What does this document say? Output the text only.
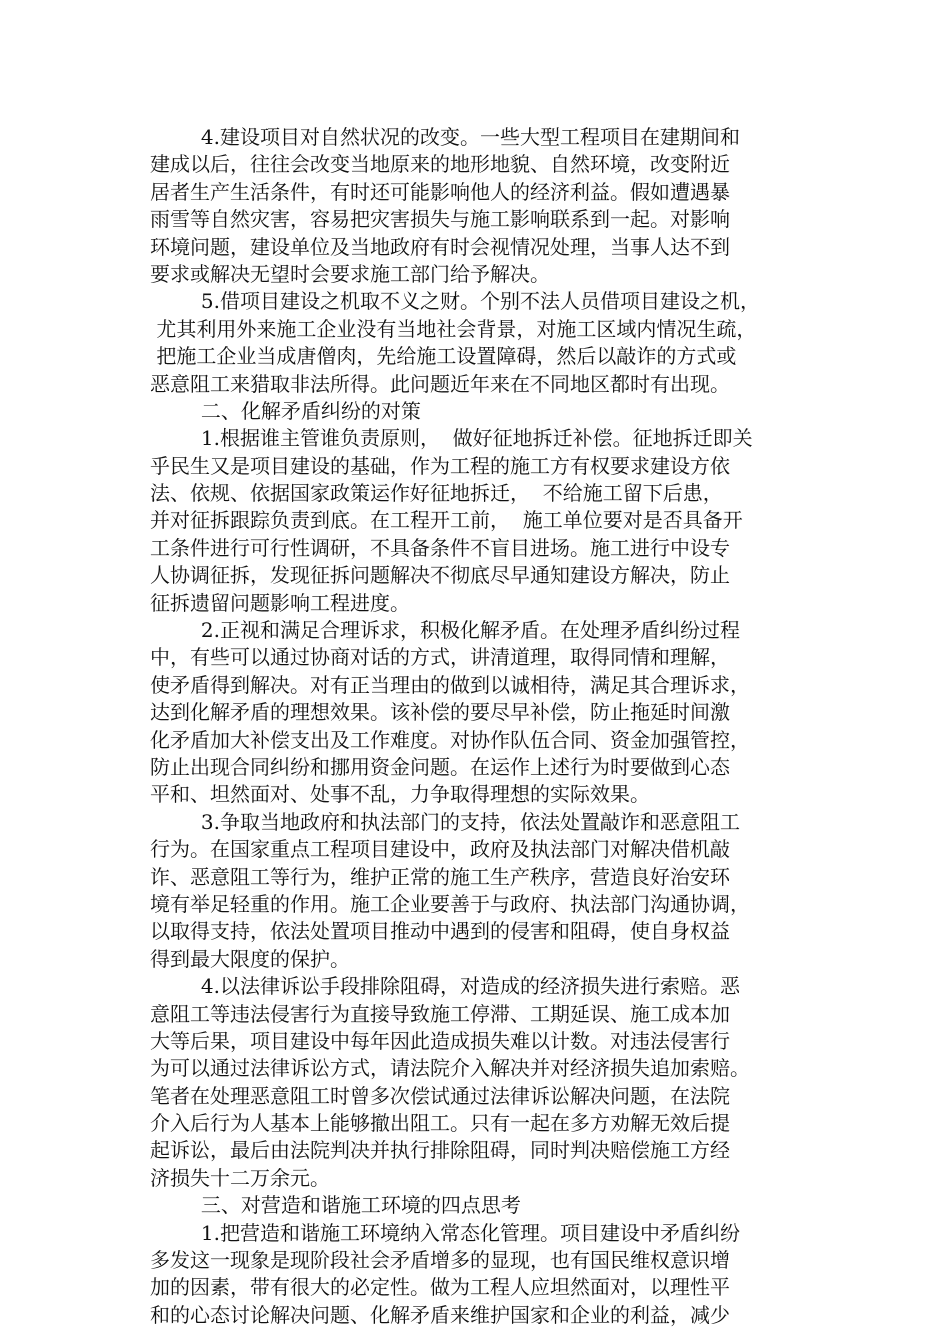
4.建设项目对自然状况的改变。一些大型工程项目在建期间和
建成以后，往往会改变当地原来的地形地貌、自然环境，改变附近
居者生产生活条件，有时还可能影响他人的经济利益。假如遭遇暴
雨雪等自然灾害，容易把灾害损失与施工影响联系到一起。对影响
环境问题，建设单位及当地政府有时会视情况处理，当事人达不到
要求或解决无望时会要求施工部门给予解决。
5.借项目建设之机取不义之财。个别不法人员借项目建设之机，
尤其利用外来施工企业没有当地社会背景，对施工区域内情况生疏，
把施工企业当成唐僧肉，先给施工设置障碍，然后以敲诈的方式或
恶意阻工来猎取非法所得。此问题近年来在不同地区都时有出现。
二、化解矛盾纠纷的对策
1.根据谁主管谁负责原则，  做好征地拆迁补偿。征地拆迁即关
乎民生又是项目建设的基础，作为工程的施工方有权要求建设方依
法、依规、依据国家政策运作好征地拆迁，  不给施工留下后患，
并对征拆跟踪负责到底。在工程开工前，  施工单位要对是否具备开
工条件进行可行性调研，不具备条件不盲目进场。施工进行中设专
人协调征拆，发现征拆问题解决不彻底尽早通知建设方解决，防止
征拆遗留问题影响工程进度。
2.正视和满足合理诉求，积极化解矛盾。在处理矛盾纠纷过程
中，有些可以通过协商对话的方式，讲清道理，取得同情和理解，
使矛盾得到解决。对有正当理由的做到以诚相待，满足其合理诉求，
达到化解矛盾的理想效果。该补偿的要尽早补偿，防止拖延时间激
化矛盾加大补偿支出及工作难度。对协作队伍合同、资金加强管控，
防止出现合同纠纷和挪用资金问题。在运作上述行为时要做到心态
平和、坦然面对、处事不乱，力争取得理想的实际效果。
3.争取当地政府和执法部门的支持，依法处置敲诈和恶意阻工
行为。在国家重点工程项目建设中，政府及执法部门对解决借机敲
诈、恶意阻工等行为，维护正常的施工生产秩序，营造良好治安环
境有举足轻重的作用。施工企业要善于与政府、执法部门沟通协调，
以取得支持，依法处置项目推动中遇到的侵害和阻碍，使自身权益
得到最大限度的保护。
4.以法律诉讼手段排除阻碍，对造成的经济损失进行索赔。恶
意阻工等违法侵害行为直接导致施工停滞、工期延误、施工成本加
大等后果，项目建设中每年因此造成损失难以计数。对违法侵害行
为可以通过法律诉讼方式，请法院介入解决并对经济损失追加索赔。
笔者在处理恶意阻工时曾多次偿试通过法律诉讼解决问题，在法院
介入后行为人基本上能够撤出阻工。只有一起在多方劝解无效后提
起诉讼，最后由法院判决并执行排除阻碍，同时判决赔偿施工方经
济损失十二万余元。
三、对营造和谐施工环境的四点思考
1.把营造和谐施工环境纳入常态化管理。项目建设中矛盾纠纷
多发这一现象是现阶段社会矛盾增多的显现，也有国民维权意识增
加的因素，带有很大的必定性。做为工程人应坦然面对，以理性平
和的心态讨论解决问题、化解矛盾来维护国家和企业的利益，减少
